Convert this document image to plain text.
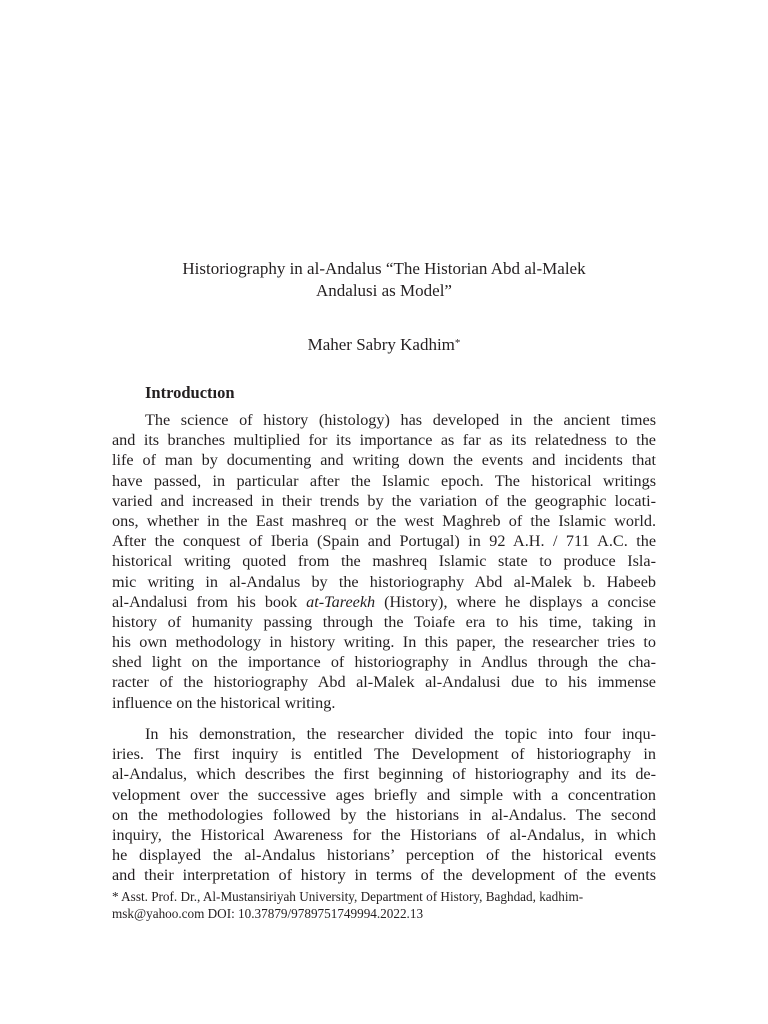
Historiography in al-Andalus “The Historian Abd al-Malek
Andalusi as Model”
Maher Sabry Kadhim*
Introductıon
The science of history (histology) has developed in the ancient times
and its branches multiplied for its importance as far as its relatedness to the
life of man by documenting and writing down the events and incidents that
have passed, in particular after the Islamic epoch. The historical writings
varied and increased in their trends by the variation of the geographic locati-
ons, whether in the East mashreq or the west Maghreb of the Islamic world.
After the conquest of Iberia (Spain and Portugal) in 92 A.H. / 711 A.C. the
historical writing quoted from the mashreq Islamic state to produce Isla-
mic writing in al-Andalus by the historiography Abd al-Malek b. Habeeb
al-Andalusi from his book at-Tareekh (History), where he displays a concise
history of humanity passing through the Toiafe era to his time, taking in
his own methodology in history writing. In this paper, the researcher tries to
shed light on the importance of historiography in Andlus through the cha-
racter of the historiography Abd al-Malek al-Andalusi due to his immense
influence on the historical writing.
In his demonstration, the researcher divided the topic into four inqu-
iries. The first inquiry is entitled The Development of historiography in
al-Andalus, which describes the first beginning of historiography and its de-
velopment over the successive ages briefly and simple with a concentration
on the methodologies followed by the historians in al-Andalus. The second
inquiry, the Historical Awareness for the Historians of al-Andalus, in which
he displayed the al-Andalus historians’ perception of the historical events
and their interpretation of history in terms of the development of the events
* Asst. Prof. Dr., Al-Mustansiriyah University, Department of History, Baghdad, kadhim-
msk@yahoo.com DOI: 10.37879/9789751749994.2022.13
